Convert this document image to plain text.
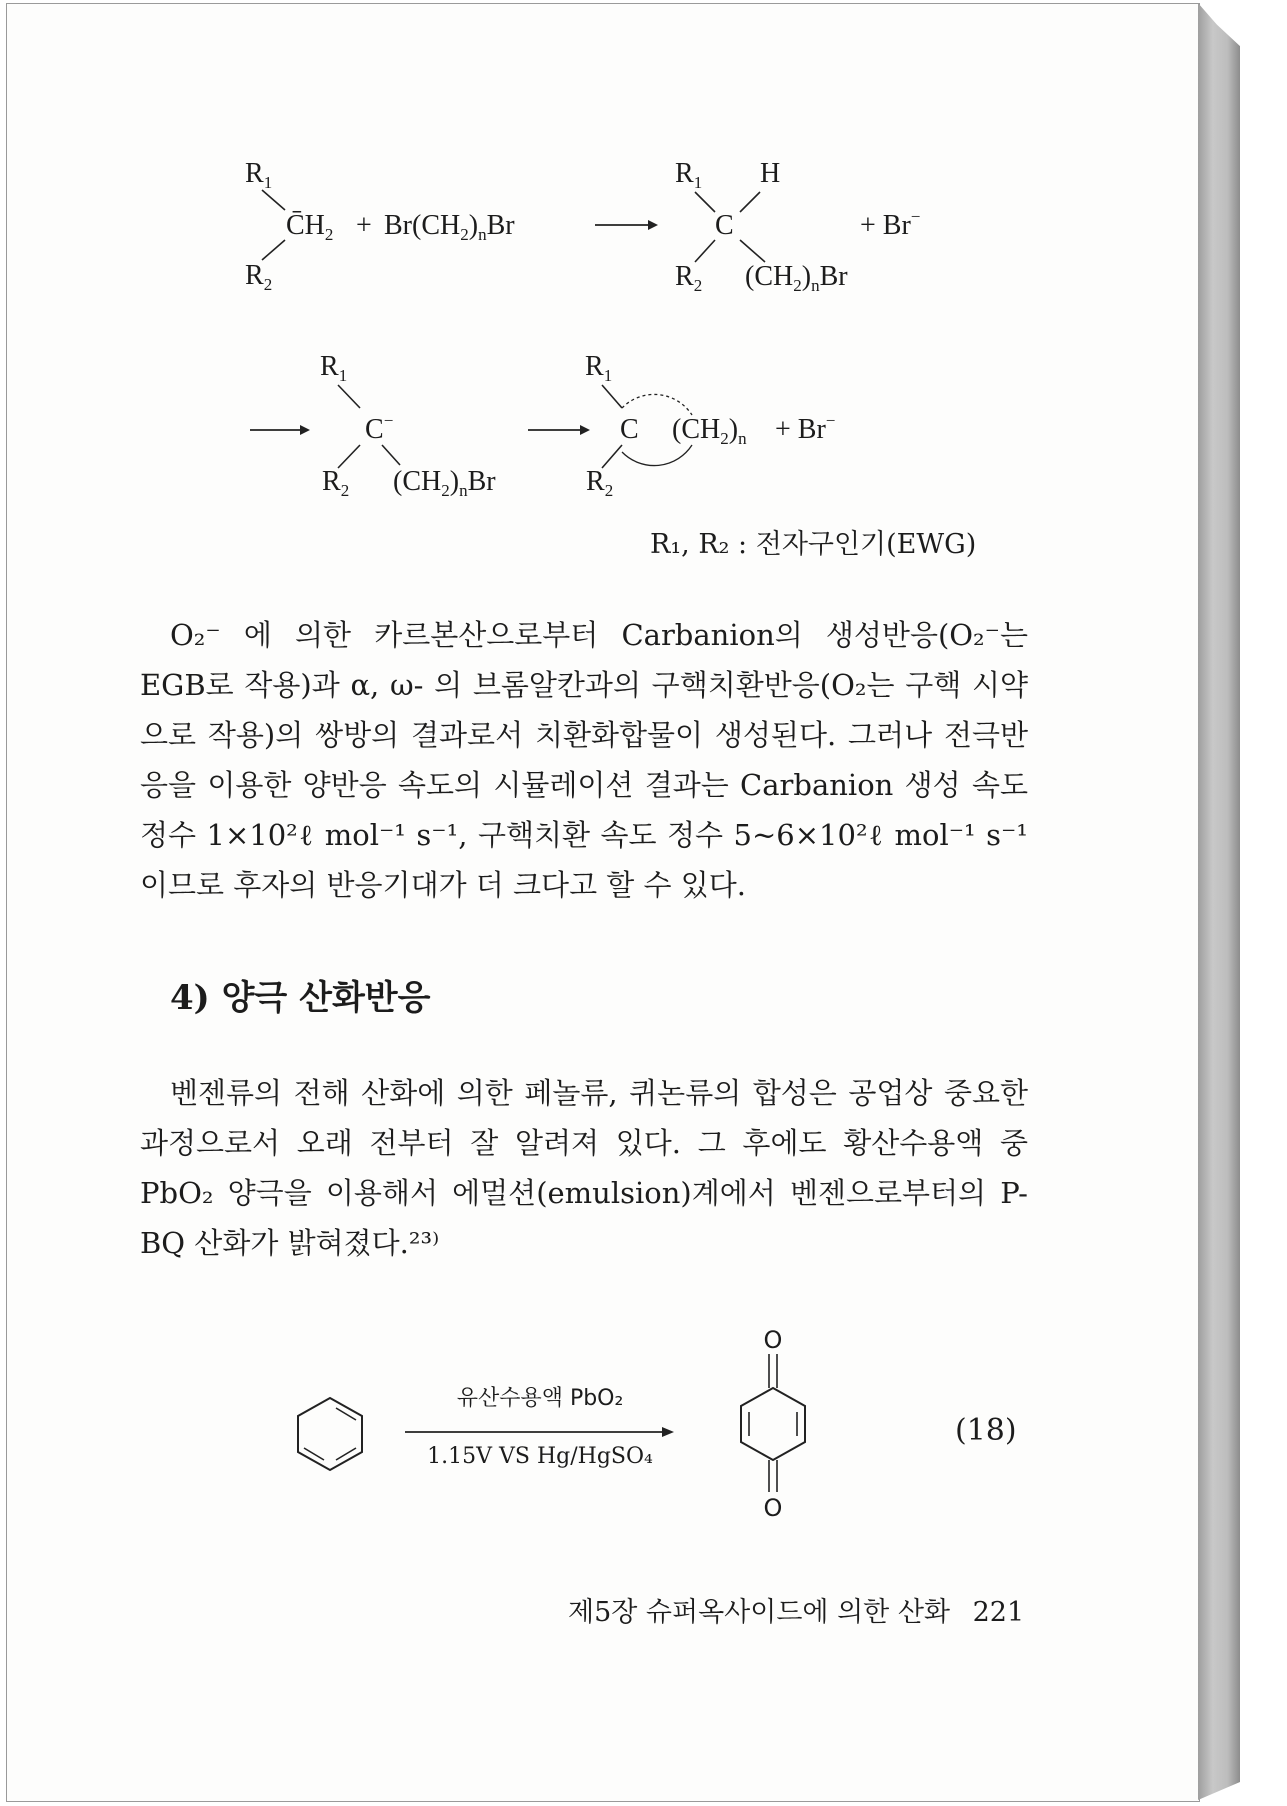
$R_1$
$C̄H_2$
$R_2$
+ $Br(CH_2)_nBr$
$R_1$ H
C
$R_2$ $(CH_2)_nBr$
+ Br−
$R_1$
C−
$R_2$ $(CH_2)_nBr$
$R_1$
C
$R_2$
$(CH_2)_n + Br^-$
R₁, R₂ : 전자구인기(EWG)

O₂⁻ 에 의한 카르본산으로부터 Carbanion의 생성반응(O₂⁻는 EGB로 작용)과 α, ω- 의 브롬알칸과의 구핵치환반응(O₂는 구핵 시약으로 작용)의 쌍방의 결과로서 치환화합물이 생성된다. 그러나 전극반응을 이용한 양반응 속도의 시뮬레이션 결과는 Carbanion 생성 속도 정수 1×10²ℓ mol⁻¹ s⁻¹, 구핵치환 속도 정수 5~6×10²ℓ mol⁻¹ s⁻¹이므로 후자의 반응기대가 더 크다고 할 수 있다.

4) 양극 산화반응

벤젠류의 전해 산화에 의한 페놀류, 퀴논류의 합성은 공업상 중요한 과정으로서 오래 전부터 잘 알려져 있다. 그 후에도 황산수용액 중 PbO₂ 양극을 이용해서 에멀션(emulsion)계에서 벤젠으로부터의 P-BQ 산화가 밝혀졌다.²³⁾

유산수용액 PbO₂
1.15V VS Hg/HgSO₄
O
O
(18)
제5장 슈퍼옥사이드에 의한 산화 221
